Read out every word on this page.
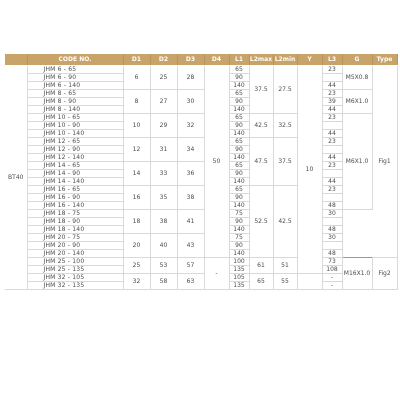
	CODE NO.	D1	D2	D3	D4	L1	L2max	L2min	Y	L3	G	Type	
BT40	JHM 6 - 65	6	25	28	50	65	37.5	27.5	10	23	M5X0.8	Fig1	
	JHM 6 - 90					90							
	JHM 6 - 140					140				44			
	JHM 8 - 65	8	27	30		65				23	M6X1.0		
	JHM 8 - 90					90				39			
	JHM 8 - 140					140				44			
	JHM 10 - 65	10	29	32		65	42.5	32.5		23	M6X1.0		
	JHM 10 - 90					90							
	JHM 10 - 140					140				44			
	JHM 12 - 65	12	31	34		65	47.5	37.5		23			
	JHM 12 - 90					90							
	JHM 12 - 140					140				44			
	JHM 14 - 65	14	33	36		65				23			
	JHM 14 - 90					90							
	JHM 14 - 140					140				44			
	JHM 16 - 65	16	35	38		65	52.5	42.5		23	
	JHM 16 - 90					90							
	JHM 16 - 140					140				48			
	JHM 18 - 75	18	38	41		75				30			
	JHM 18 - 90					90							
	JHM 18 - 140					140				48			
	JHM 20 - 75	20	40	43		75				30			
	JHM 20 - 90					90							
	JHM 20 - 140					140				48			
	JHM 25 - 100	25	53	57	-	100	61	51		73	M16X1.0	Fig2	
	JHM 25 - 135					135				108			
	JHM 32 - 105	32	58	63		105	65	55		-			
	JHM 32 - 135					135				-			
